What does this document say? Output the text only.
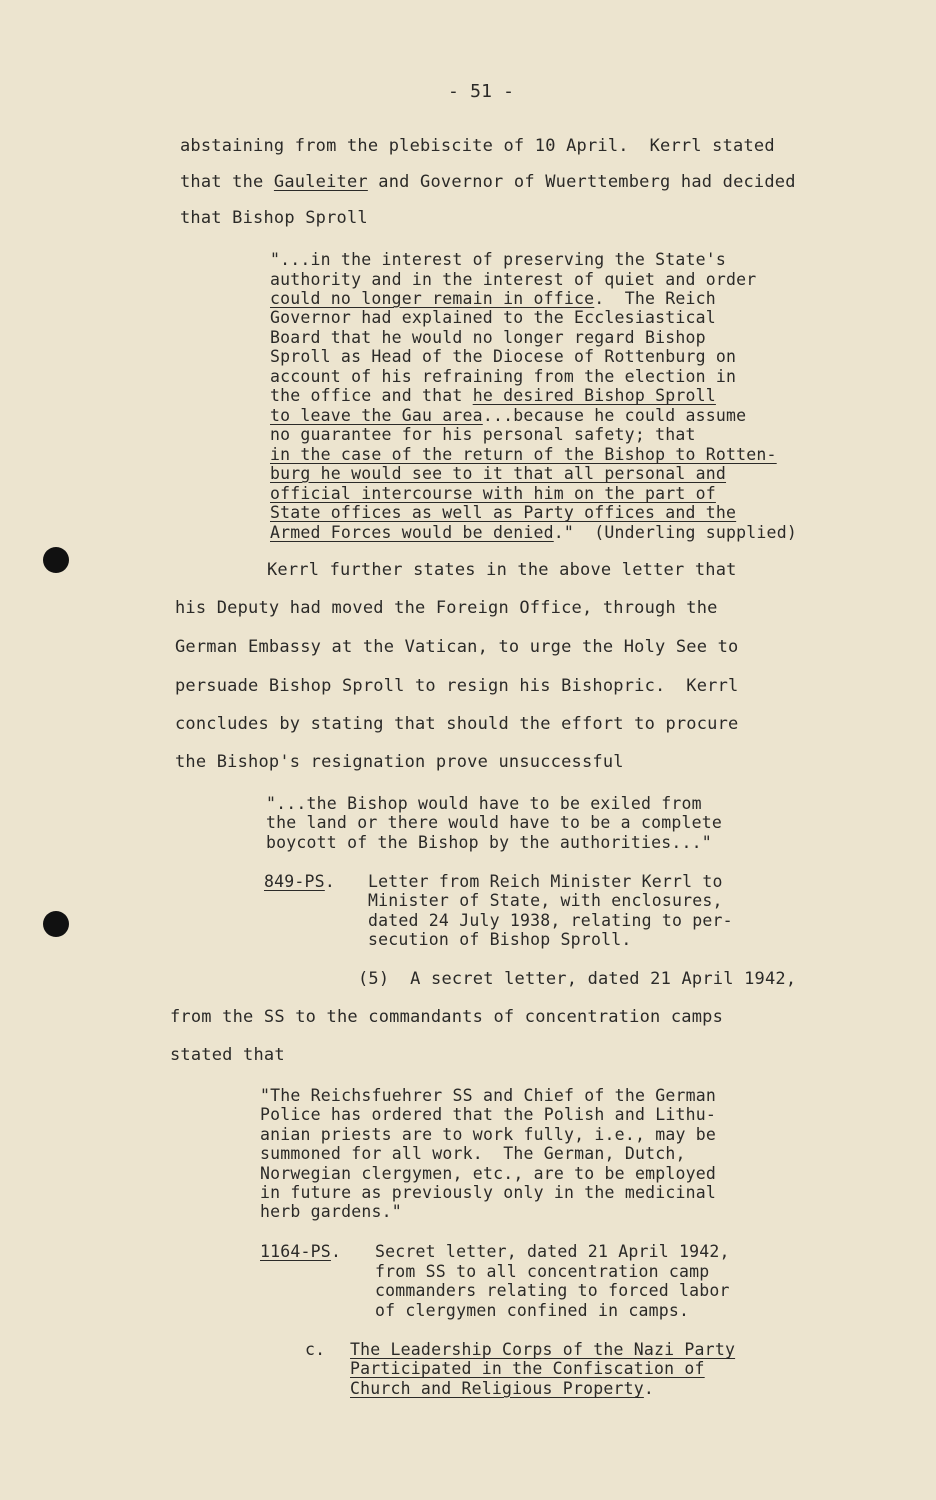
- 51 -
abstaining from the plebiscite of 10 April.  Kerrl stated
that the Gauleiter and Governor of Wuerttemberg had decided
that Bishop Sproll
"...in the interest of preserving the State's
authority and in the interest of quiet and order
could no longer remain in office.  The Reich
Governor had explained to the Ecclesiastical
Board that he would no longer regard Bishop
Sproll as Head of the Diocese of Rottenburg on
account of his refraining from the election in
the office and that he desired Bishop Sproll
to leave the Gau area...because he could assume
no guarantee for his personal safety; that
in the case of the return of the Bishop to Rotten-
burg he would see to it that all personal and
official intercourse with him on the part of
State offices as well as Party offices and the
Armed Forces would be denied."  (Underling supplied)
Kerrl further states in the above letter that
his Deputy had moved the Foreign Office, through the
German Embassy at the Vatican, to urge the Holy See to
persuade Bishop Sproll to resign his Bishopric.  Kerrl
concludes by stating that should the effort to procure
the Bishop's resignation prove unsuccessful
"...the Bishop would have to be exiled from
the land or there would have to be a complete
boycott of the Bishop by the authorities..."
849-PS. Letter from Reich Minister Kerrl to
Minister of State, with enclosures,
dated 24 July 1938, relating to per-
secution of Bishop Sproll.
(5)  A secret letter, dated 21 April 1942,
from the SS to the commandants of concentration camps
stated that
"The Reichsfuehrer SS and Chief of the German
Police has ordered that the Polish and Lithu-
anian priests are to work fully, i.e., may be
summoned for all work.  The German, Dutch,
Norwegian clergymen, etc., are to be employed
in future as previously only in the medicinal
herb gardens."
1164-PS. Secret letter, dated 21 April 1942,
from SS to all concentration camp
commanders relating to forced labor
of clergymen confined in camps.
c. The Leadership Corps of the Nazi Party
Participated in the Confiscation of
Church and Religious Property.
